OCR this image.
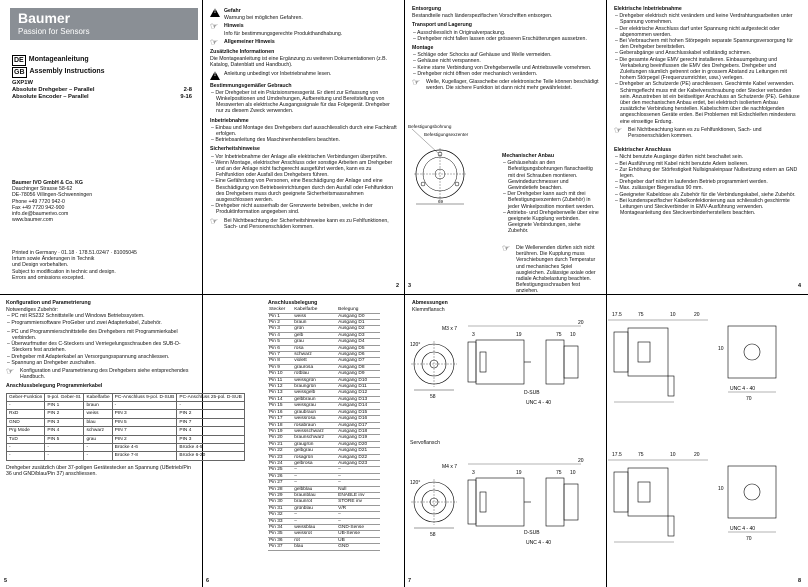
Baumer
Passion for Sensors
DE Montageanleitung
GB Assembly Instructions
GXP1W
Absolute Drehgeber – Parallel	2-8
Absolute Encoder – Parallel	9-16
Baumer IVO GmbH & Co. KG
Dauchinger Strasse 58-62
DE-78056 Villingen-Schwenningen
Phone +49 7720 942-0
Fax +49 7720 942-900
info.de@baumerivo.com
www.baumer.com
Printed in Germany · 01.18 · 178.51.024/7 · 81005045
Irrtum sowie Änderungen in Technik
und Design vorbehalten.
Subject to modification in technic and design.
Errors and omissions excepted.
! Gefahr
Warnung bei möglichen Gefahren.
☞	Hinweis
Info für bestimmungsgerechte Produkthandhabung.
☞	Allgemeiner Hinweis
Zusätzliche Informationen
Die Montageanleitung ist eine Ergänzung zu weiteren Dokumentationen (z.B. Katalog, Datenblatt und Handbuch).
! Anleitung unbedingt vor Inbetriebnahme lesen.
Bestimmungsgemäßer Gebrauch
– Der Drehgeber ist ein Präzisionsmessgerät. Er dient zur Erfassung von Winkelpositionen und Umdrehungen, Aufbereitung und Bereitstellung von Messwerten als elektrische Ausgangssignale für das Folgegerät. Drehgeber nur zu diesem Zweck verwenden.
Inbetriebnahme
– Einbau und Montage des Drehgebers darf ausschliesslich durch eine Fachkraft erfolgen.
– Betriebsanleitung des Maschinenherstellers beachten.
Sicherheitshinweise
– Vor Inbetriebnahme der Anlage alle elektrischen Verbindungen überprüfen.
– Wenn Montage, elektrischer Anschluss oder sonstige Arbeiten am Drehgeber und an der Anlage nicht fachgerecht ausgeführt werden, kann es zu Fehlfunktion oder Ausfall des Drehgebers führen.
– Eine Gefährdung von Personen, eine Beschädigung der Anlage und eine Beschädigung von Betriebseinrichtungen durch den Ausfall oder Fehlfunktion des Drehgebers muss durch geeignete Sicherheitsmassnahmen ausgeschlossen werden.
– Drehgeber nicht ausserhalb der Grenzwerte betreiben, welche in der Produktinformation angegeben sind.
☞	Bei Nichtbeachtung der Sicherheitshinweise kann es zu Fehlfunktionen, Sach- und Personenschäden kommen.
2
Entsorgung
Bestandteile nach länderspezifischen Vorschriften entsorgen.
Transport und Lagerung
– Ausschliesslich in Originalverpackung.
– Drehgeber nicht fallen lassen oder grösseren Erschütterungen aussetzen.
Montage
– Schläge oder Schocks auf Gehäuse und Welle vermeiden.
– Gehäuse nicht verspannen.
– Keine starre Verbindung von Drehgeberwelle und Antriebswelle vornehmen.
– Drehgeber nicht öffnen oder mechanisch verändern.
☞	Welle, Kugellager, Glasscheibe oder elektronische Teile können beschädigt werden. Die sichere Funktion ist dann nicht mehr gewährleistet.
Befestigungsbohrung
Befestigungsexzenter
69
Mechanischer Anbau
– Gehäusehals an den Befestigungsbohrungen flanschseitig mit drei Schrauben montieren. Gewindedurchmesser und Gewindetiefe beachten.
– Der Drehgeber kann auch mit drei Befestigungsexzentern (Zubehör) in jeder Winkelposition montiert werden.
– Antriebs- und Drehgeberwelle über eine geeignete Kupplung verbinden. Geeignete Verbindungen, siehe Zubehör.
☞	Die Wellenenden dürfen sich nicht berühren. Die Kupplung muss Verschiebungen durch Temperatur und mechanisches Spiel ausgleichen. Zulässige axiale oder radiale Achsbelastung beachten. Befestigungsschrauben fest anziehen.
3
Elektrische Inbetriebnahme
– Drehgeber elektrisch nicht verändern und keine Verdrahtungsarbeiten unter Spannung vornehmen.
– Der elektrische Anschluss darf unter Spannung nicht aufgesteckt oder abgenommen werden.
– Bei Verbrauchern mit hohen Störpegeln separate Spannungsversorgung für den Drehgeber bereitstellen.
– Geberabgänge und Anschlusskabel vollständig schirmen.
– Die gesamte Anlage EMV gerecht installieren. Einbauumgebung und Verkabelung beeinflussen die EMV des Drehgebers. Drehgeber und Zuleitungen räumlich getrennt oder in grossem Abstand zu Leitungen mit hohem Störpegel (Frequenzumrichter, usw.) verlegen.
– Drehgeber an Schutzerde (PE) anschliessen. Geschirmte Kabel verwenden. Schirmgeflecht muss mit der Kabelverschraubung oder Stecker verbunden sein. Anzustreben ist ein beidseitiger Anschluss an Schutzerde (PE). Gehäuse über den mechanischen Anbau erdet, bei elektrisch isoliertem Anbau zusätzliche Verbindung herstellen. Kabelschirm über die nachfolgenden angeschlossenen Geräte erden. Bei Problemen mit Erdschleifen mindestens eine einseitige Erdung.
☞	Bei Nichtbeachtung kann es zu Fehlfunktionen, Sach- und Personenschäden kommen.
Elektrischer Anschluss
– Nicht benutzte Ausgänge dürfen nicht beschaltet sein.
– Bei Ausführung mit Kabel nicht benutzte Adern isolieren.
– Zur Erhöhung der Störfestigkeit Nullsignaleinpaar Nullsetzung extern an GND legen.
– Drehgeber darf nicht im laufenden Betrieb programmiert werden.
– Max. zulässiger Biegeradius 90 mm.
– Geeigneter Kabeldose als Zubehör für die Verbindungskabel, siehe Zubehör.
– Bei kundenspezifischer Kabelkonfektionierung aus schliesslich geschirmte Leitungen und Steckverbinder in EMV-Ausführung verwenden. Montageanleitung des Steckverbinderherstellers beachten.
4
Konfiguration und Parametrierung
Notwendiges Zubehör:
– PC mit RS232 Schnittstelle und Windows Betriebssystem.
– Programmiersoftware ProGeber und zwei Adapterkabel, Zubehör.
– PC und Programmierschnittstelle des Drehgebers mit Programmierkabel verbinden.
– Überwurfmutter des C-Steckers und Verriegelungsschrauben des SUB-D-Steckers fest anziehen.
– Drehgeber mit Adapterkabel an Versorgungsspannung anschliessen.
– Spannung an Drehgeber zuschalten.
☞	Konfiguration und Parametrierung des Drehgebers siehe entsprechendes Handbuch.
Anschlussbelegung Programmierkabel
Geber-Funktion	9-pol. Geber-St.	Kabelfarbe	PC-Anschluss 9-pol. D-SUB	PC-Anschluss 25-pol. D-SUB
-	PIN 1	braun	-	-
RxD	PIN 2	weiss	PIN 3	PIN 2
GND	PIN 3	blau	PIN 5	PIN 7
Prg Mode	PIN 4	schwarz	PIN 7	PIN 4
TxD	PIN 5	grau	PIN 2	PIN 3
-	-	-	Brücke 4-6	Brücke 4-5
-	-	-	Brücke 7-8	Brücke 6-20
Drehgeber zusätzlich über 37-poligen Gerätestecker an Spannung (UBetrieb/Pin 36 und GND/blau/Pin 37) anschliessen.
5
Anschlussbelegung
Stecker	Kabelfarbe	Belegung
Pin 1	weiss	Ausgang D0
Pin 2	braun	Ausgang D1
Pin 3	grün	Ausgang D2
Pin 4	gelb	Ausgang D3
Pin 5	grau	Ausgang D4
Pin 6	rosa	Ausgang D5
Pin 7	schwarz	Ausgang D6
Pin 8	violett	Ausgang D7
Pin 9	graurosa	Ausgang D8
Pin 10	rotblau	Ausgang D9
Pin 11	weissgrün	Ausgang D10
Pin 12	braungrün	Ausgang D11
Pin 13	weissgelb	Ausgang D12
Pin 14	gelbbraun	Ausgang D13
Pin 15	weissgrau	Ausgang D14
Pin 16	graubraun	Ausgang D15
Pin 17	weissrosa	Ausgang D16
Pin 18	rosabraun	Ausgang D17
Pin 19	weissschwarz	Ausgang D18
Pin 20	braunschwarz	Ausgang D19
Pin 21	graugrün	Ausgang D20
Pin 22	gelbgrau	Ausgang D21
Pin 23	rosagrün	Ausgang D22
Pin 24	gelbrosa	Ausgang D23
Pin 25	–	–
Pin 26	–	–
Pin 27	–	–
Pin 28	gelbblau	Null
Pin 29	braunblau	ENABLE inv
Pin 30	braunrot	STORE inv
Pin 31	grünblau	V/R
Pin 32	–	–
Pin 33	–	–
Pin 34	weissblau	GND-Sense
Pin 35	weissrot	UB-Sense
Pin 36	rot	UB
Pin 37	blau	GND
6
Abmessungen
Klemmflansch
Servoflansch
M3 x 7
120°
19	75 10
20
3
58
D-SUB
UNC 4 - 40
M4 x 7
120°
19	75 10
20
3
58	D-SUB
UNC 4 - 40
7
17.5	75	10	20
10
70
UNC 4 - 40
17.5	75	10	20
10
70
UNC 4 - 40
8
